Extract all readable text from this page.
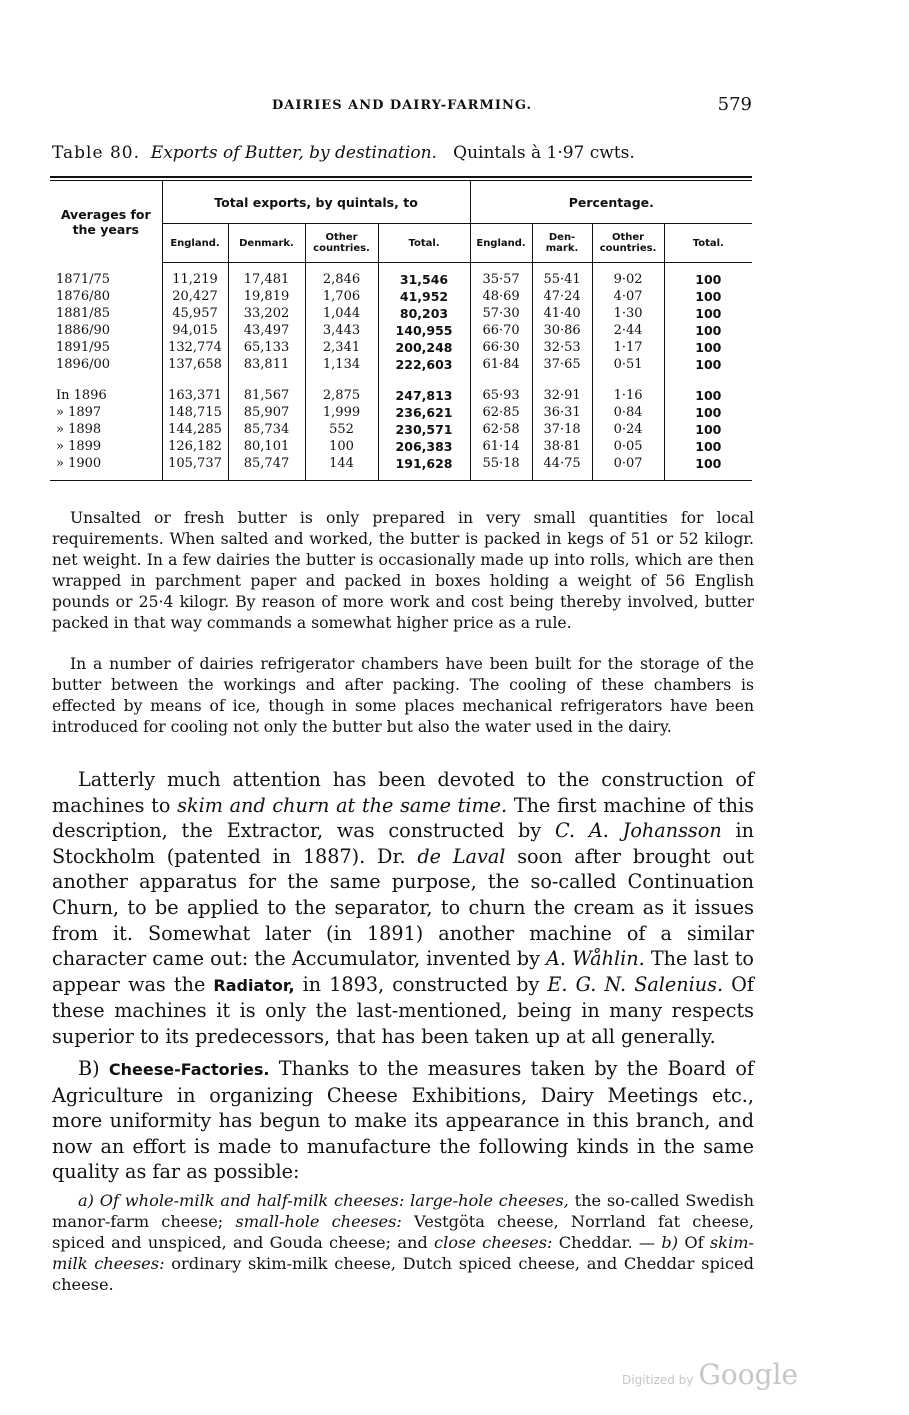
DAIRIES AND DAIRY-FARMING.	579
Table 80. Exports of Butter, by destination. Quintals à 1·97 cwts.
Averages for the years	Total exports, by quintals, to				Percentage.			
	England.	Denmark.	Other countries.	Total.	England.	Den-mark.	Other countries.	Total.

1871/75	11,219	17,481	2,846	31,546	35·57	55·41	9·02	100
1876/80	20,427	19,819	1,706	41,952	48·69	47·24	4·07	100
1881/85	45,957	33,202	1,044	80,203	57·30	41·40	1·30	100
1886/90	94,015	43,497	3,443	140,955	66·70	30·86	2·44	100
1891/95	132,774	65,133	2,341	200,248	66·30	32·53	1·17	100
1896/00	137,658	83,811	1,134	222,603	61·84	37·65	0·51	100

In 1896	163,371	81,567	2,875	247,813	65·93	32·91	1·16	100
» 1897	148,715	85,907	1,999	236,621	62·85	36·31	0·84	100
» 1898	144,285	85,734	552	230,571	62·58	37·18	0·24	100
» 1899	126,182	80,101	100	206,383	61·14	38·81	0·05	100
» 1900	105,737	85,747	144	191,628	55·18	44·75	0·07	100

Unsalted or fresh butter is only prepared in very small quantities for local requirements. When salted and worked, the butter is packed in kegs of 51 or 52 kilogr. net weight. In a few dairies the butter is occasionally made up into rolls, which are then wrapped in parchment paper and packed in boxes holding a weight of 56 English pounds or 25·4 kilogr. By reason of more work and cost being thereby involved, butter packed in that way commands a somewhat higher price as a rule.
In a number of dairies refrigerator chambers have been built for the storage of the butter between the workings and after packing. The cooling of these chambers is effected by means of ice, though in some places mechanical refrigerators have been introduced for cooling not only the butter but also the water used in the dairy.
Latterly much attention has been devoted to the construction of machines to skim and churn at the same time. The first machine of this description, the Extractor, was constructed by C. A. Johansson in Stockholm (patented in 1887). Dr. de Laval soon after brought out another apparatus for the same purpose, the so-called Continuation Churn, to be applied to the separator, to churn the cream as it issues from it. Somewhat later (in 1891) another machine of a similar character came out: the Accumulator, invented by A. Wåhlin. The last to appear was the Radiator, in 1893, constructed by E. G. N. Salenius. Of these machines it is only the last-mentioned, being in many respects superior to its predecessors, that has been taken up at all generally.
B) Cheese-Factories. Thanks to the measures taken by the Board of Agriculture in organizing Cheese Exhibitions, Dairy Meetings etc., more uniformity has begun to make its appearance in this branch, and now an effort is made to manufacture the following kinds in the same quality as far as possible:
a) Of whole-milk and half-milk cheeses: large-hole cheeses, the so-called Swedish manor-farm cheese; small-hole cheeses: Vestgöta cheese, Norrland fat cheese, spiced and unspiced, and Gouda cheese; and close cheeses: Cheddar. — b) Of skim-milk cheeses: ordinary skim-milk cheese, Dutch spiced cheese, and Cheddar spiced cheese.
Digitized by Google
